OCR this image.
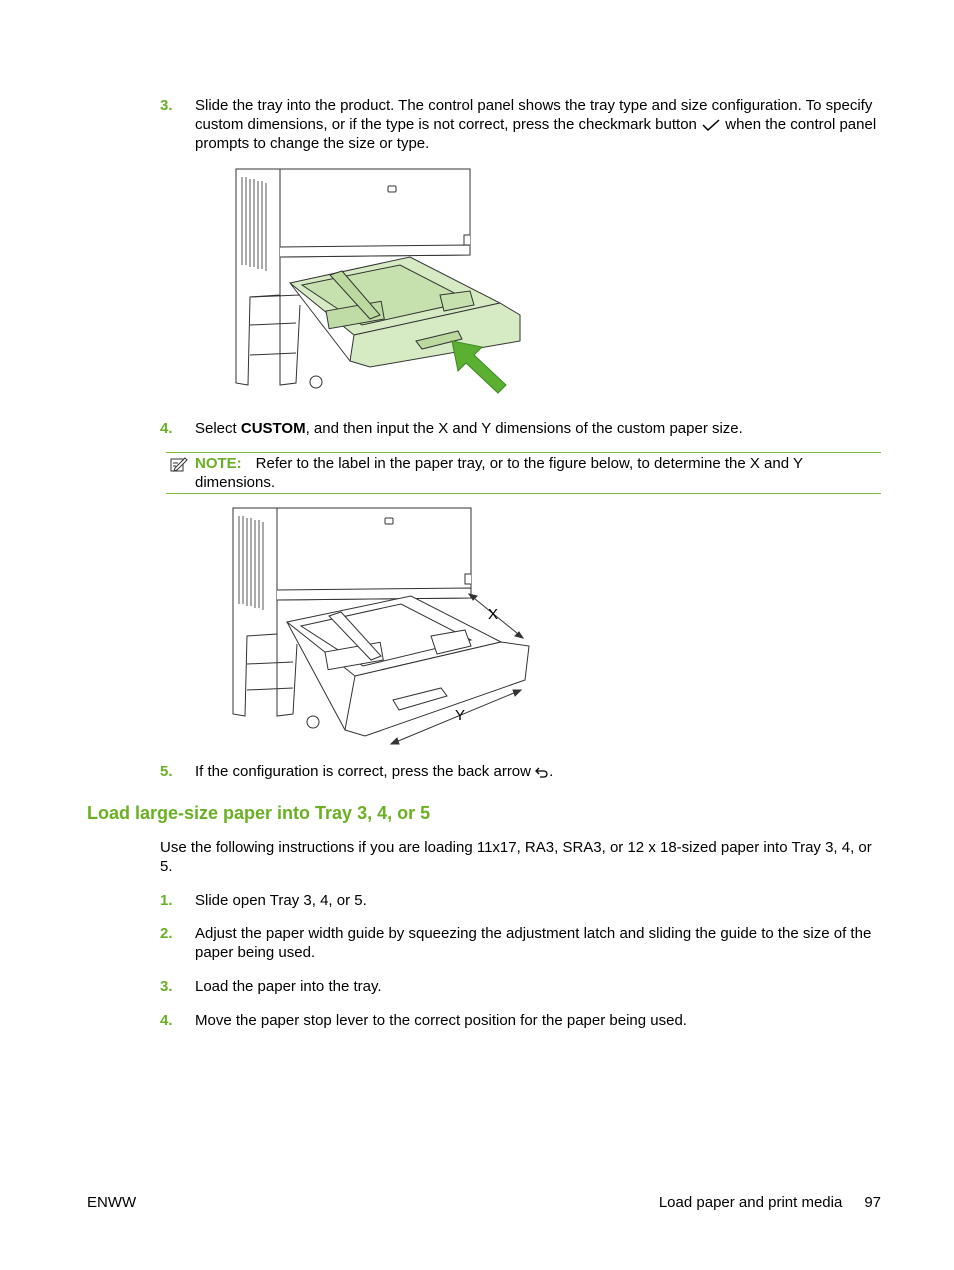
3. Slide the tray into the product. The control panel shows the tray type and size configuration. To specify custom dimensions, or if the type is not correct, press the checkmark button  when the control panel prompts to change the size or type.
4. Select CUSTOM, and then input the X and Y dimensions of the custom paper size.
NOTE: Refer to the label in the paper tray, or to the figure below, to determine the X and Y dimensions.
X
Y
5. If the configuration is correct, press the back arrow .
Load large-size paper into Tray 3, 4, or 5
Use the following instructions if you are loading 11x17, RA3, SRA3, or 12 x 18-sized paper into Tray 3, 4, or 5.
1. Slide open Tray 3, 4, or 5.
2. Adjust the paper width guide by squeezing the adjustment latch and sliding the guide to the size of the paper being used.
3. Load the paper into the tray.
4. Move the paper stop lever to the correct position for the paper being used.
ENWW	Load paper and print media 97
